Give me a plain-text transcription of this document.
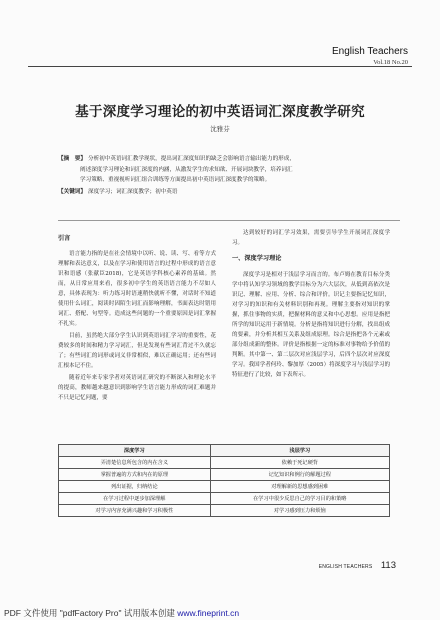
English Teachers
Vol.18 No.20
基于深度学习理论的初中英语词汇深度教学研究
沈雅芬
【摘　要】 分析初中英语词汇教学现状，提出词汇深度知识的缺乏会影响语言输出能力的形成，
阐述深度学习理论和词汇深度的内涵，从激发学生的求知欲、开展词块教学，培养词汇
学习策略、重视视听词汇组合训练等方面提出初中英语词汇深度教学的策略。
【关键词】 深度学习；词汇深度教学；初中英语
引言

语言能力指的是在社会情境中以听、说、读、写、看等方式理解和表达意义，以及在学习和使用语言的过程中形成的语言意识和语感（张献臣2018)，它是英语学科核心素养的基础。然而，从日常应用来看，很多初中学生的英语语言能力不尽如人意，具体表现为：听力练习时语速稍快就听不懂，对话时不知道使用什么词汇，阅读时因陌生词汇而影响理解，书面表达时错用词汇、搭配、句型等。造成这些问题的一个重要原因是词汇掌握不扎实。

目前，虽然绝大部分学生认识到英语词汇学习的重要性，花费较多的时间和精力学习词汇，但是发现有些词汇背过不久就忘了；有些词汇的词形或词义非常相似，难以正确运用；还有些词汇根本记不住。

随着近年来专家学者对英语词汇研究的不断深入和理论水平的提高，教师越来越意识到影响学生语言能力形成的词汇难题并不只是记忆问题，要

达到较好的词汇学习效果，需要引导学生开展词汇深度学习。

一、深度学习理论

深度学习是相对于浅层学习而言的。布卢姆在教育目标分类学中将认知学习领域的教学目标分为六大层次，从低到高依次是识记、理解、应用、分析、综合和评价。识记主要指记忆知识，对学习的知识和有关材料识别和再现。理解主要指对知识的掌握，抓住事物的实质，把握材料的意义和中心思想。应用是指把所学的知识运用于新情境。分析是指将知识进行分解，找出组成的要素，并分析其相互关系及组成原理。综合是指把各个元素或部分组成新的整体。评价是指根据一定的标准对事物给予价值的判断。其中第一、第二层次对应浅层学习，后四个层次对应深度学习。我国学者何玲、黎加厚（2005）将深度学习与浅层学习的特征进行了比较，如下表所示。

深度学习	浅层学习
弄清楚信息所包含的内在含义	依赖于死记硬背
掌握普遍的方式和内在的原理	记忆知识和例行的解题过程
列出证据，归纳结论	对理解新的思想感到困难
在学习过程中逐步加深理解	在学习中很少反思自己的学习目的和策略
对学习内容充满兴趣和学习积极性	对学习感到压力和烦恼
ENGLISH TEACHERS 113
PDF 文件使用 "pdfFactory Pro" 试用版本创建 www.fineprint.cn
